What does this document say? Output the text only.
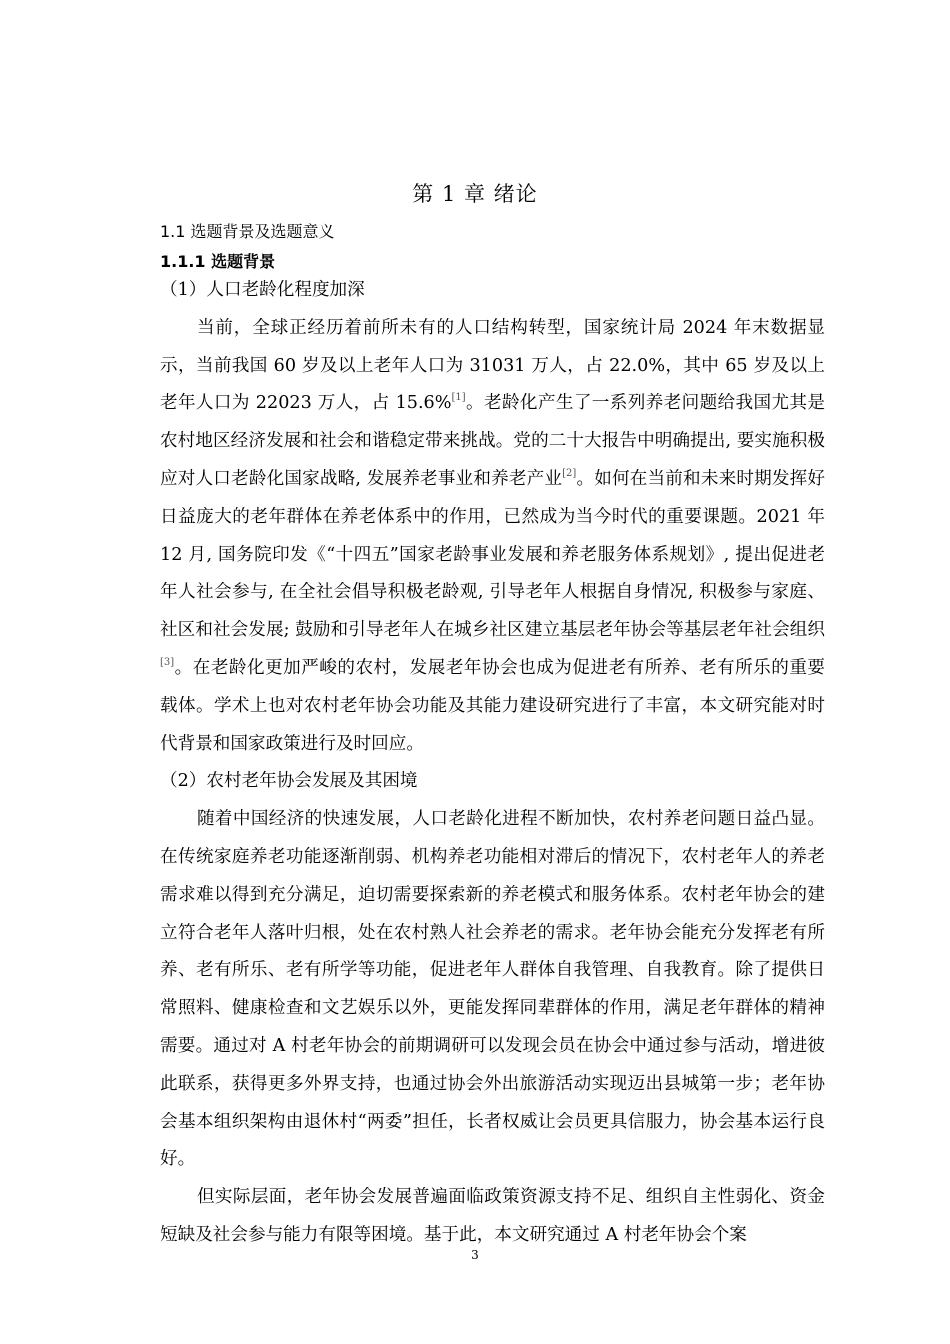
第 1 章 绪论
1.1 选题背景及选题意义
1.1.1 选题背景

（1）人口老龄化程度加深

当前，全球正经历着前所未有的人口结构转型，国家统计局 2024 年末数据显示，当前我国 60 岁及以上老年人口为 31031 万人，占 22.0%，其中 65 岁及以上老年人口为 22023 万人，占 15.6%[1]。老龄化产生了一系列养老问题给我国尤其是农村地区经济发展和社会和谐稳定带来挑战。党的二十大报告中明确提出, 要实施积极应对人口老龄化国家战略, 发展养老事业和养老产业[2]。如何在当前和未来时期发挥好日益庞大的老年群体在养老体系中的作用，已然成为当今时代的重要课题。2021 年 12 月, 国务院印发《“十四五”国家老龄事业发展和养老服务体系规划》, 提出促进老年人社会参与, 在全社会倡导积极老龄观, 引导老年人根据自身情况, 积极参与家庭、社区和社会发展; 鼓励和引导老年人在城乡社区建立基层老年协会等基层老年社会组织[3]。在老龄化更加严峻的农村，发展老年协会也成为促进老有所养、老有所乐的重要载体。学术上也对农村老年协会功能及其能力建设研究进行了丰富，本文研究能对时代背景和国家政策进行及时回应。

（2）农村老年协会发展及其困境

随着中国经济的快速发展，人口老龄化进程不断加快，农村养老问题日益凸显。在传统家庭养老功能逐渐削弱、机构养老功能相对滞后的情况下，农村老年人的养老需求难以得到充分满足，迫切需要探索新的养老模式和服务体系。农村老年协会的建立符合老年人落叶归根，处在农村熟人社会养老的需求。老年协会能充分发挥老有所养、老有所乐、老有所学等功能，促进老年人群体自我管理、自我教育。除了提供日常照料、健康检查和文艺娱乐以外，更能发挥同辈群体的作用，满足老年群体的精神需要。通过对 A 村老年协会的前期调研可以发现会员在协会中通过参与活动，增进彼此联系，获得更多外界支持，也通过协会外出旅游活动实现迈出县城第一步；老年协会基本组织架构由退休村“两委”担任，长者权威让会员更具信服力，协会基本运行良好。

但实际层面，老年协会发展普遍面临政策资源支持不足、组织自主性弱化、资金短缺及社会参与能力有限等困境。基于此，本文研究通过 A 村老年协会个案

3
